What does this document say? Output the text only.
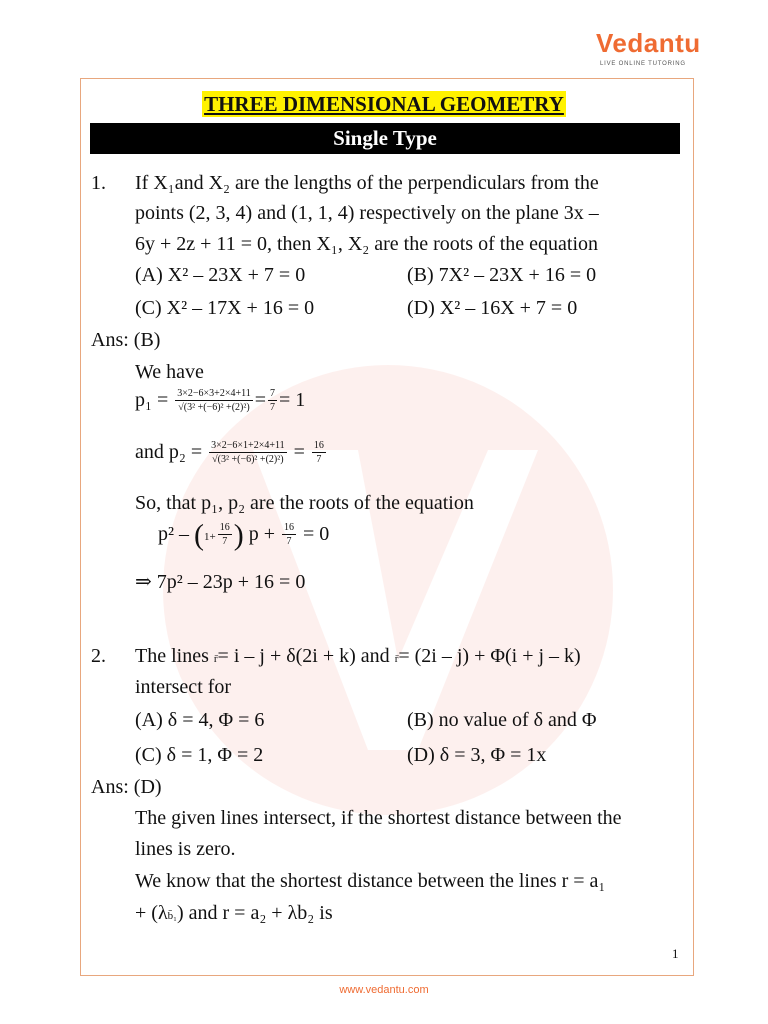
Vedantu
LIVE ONLINE TUTORING
THREE DIMENSIONAL GEOMETRY
Single Type
1. If X₁and X₂ are the lengths of the perpendiculars from the
points (2, 3, 4) and (1, 1, 4) respectively on the plane 3x –
6y + 2z + 11 = 0, then X₁, X₂ are the roots of the equation
(A) X² – 23X + 7 = 0	(B) 7X² – 23X + 16 = 0
(C) X² – 17X + 16 = 0	(D) X² – 16X + 7 = 0
Ans: (B)
We have
$p_1 = \frac{3\times 2-6\times 3+2\times 4+11}{\text{√(3² +(−6)² +(2)²)}} = \frac{7}{7} = 1$
and $p_2 = \frac{3\times 2-6\times 1+2\times 4+11}{\text{√(3² +(−6)² +(2)²)}} = \frac{16}{7}$
So, that p₁, p₂ are the roots of the equation
$p^2 - (1+ \frac{16}{7}$ ) $p + \frac{16}{7} = 0$
⇒ 7p² – 23p + 16 = 0
2. The lines r̄= i – j + δ(2i + k) and r̄= (2i – j) + Φ(i + j – k)
intersect for
(A) δ = 4, Φ = 6	(B) no value of δ and Φ
(C) δ = 1, Φ = 2	(D) δ = 3, Φ = 1x
Ans: (D)
The given lines intersect, if the shortest distance between the
lines is zero.
We know that the shortest distance between the lines r = a₁
+ (λb̄₁) and r = a₂ + λb₂ is
1
www.vedantu.com
